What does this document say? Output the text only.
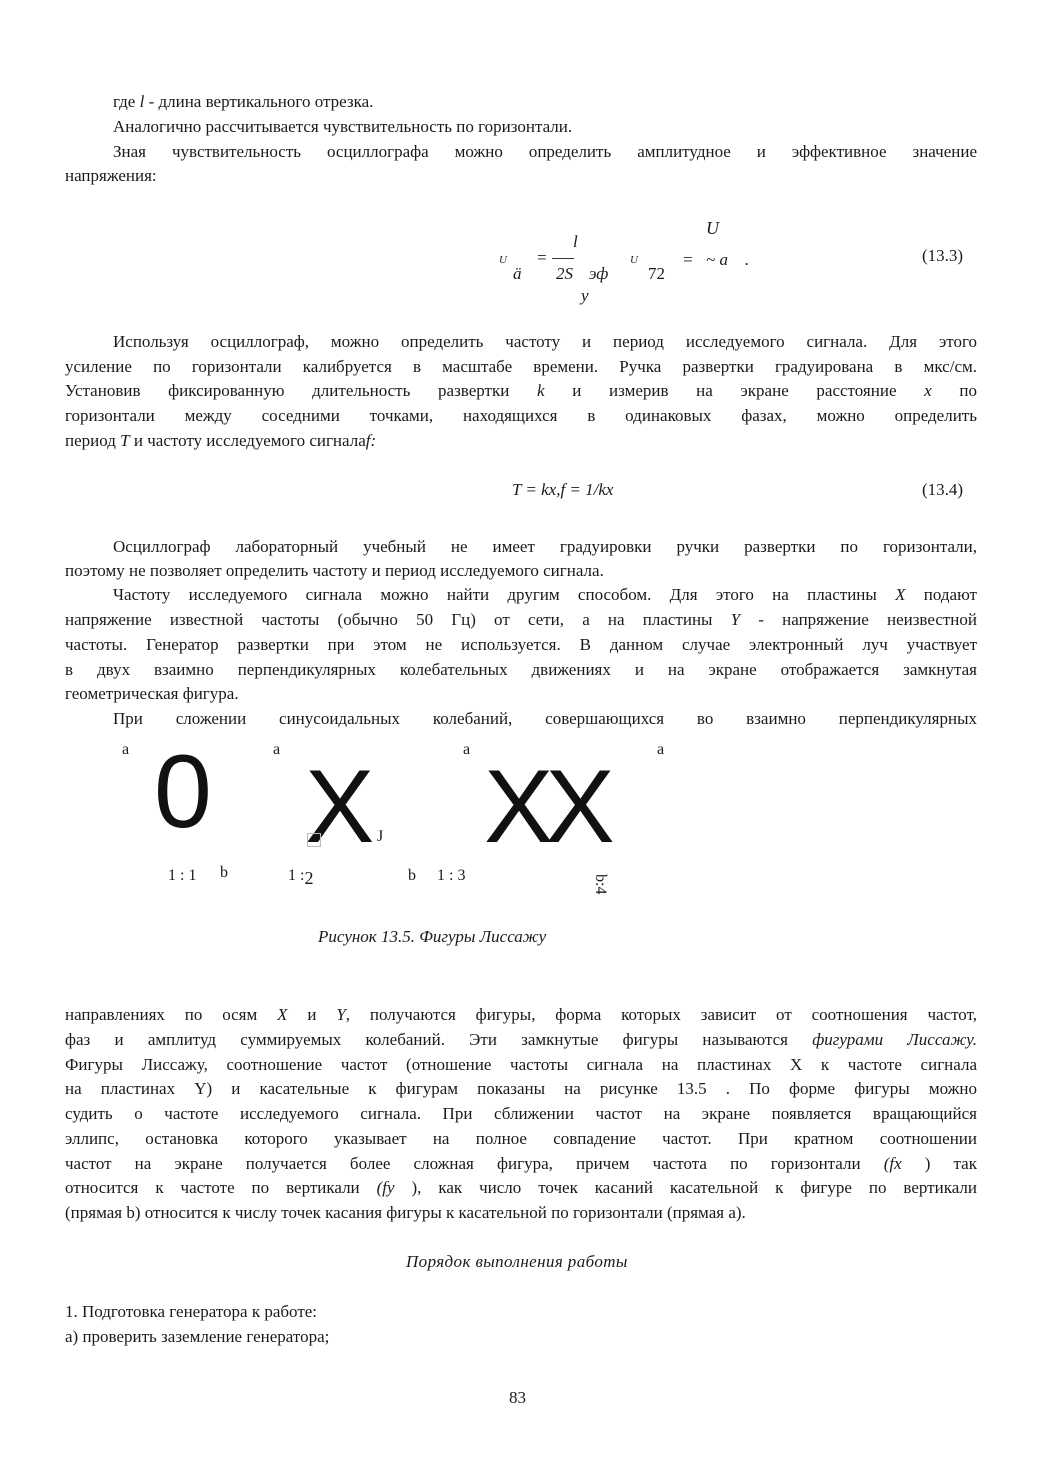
где l - длина вертикального отрезка.
Аналогично рассчитывается чувствительность по горизонтали.
Зная чувствительность осциллографа можно определить амплитудное и эффективное значение
напряжения:
U
l
U =	U	= ~ a .
ä 2S эф 72
у
(13.3)
Используя осциллограф, можно определить частоту и период исследуемого сигнала. Для этого
усиление по горизонтали калибруется в масштабе времени. Ручка развертки градуирована в мкс/см.
Установив фиксированную длительность развертки k и измерив на экране расстояние x по
горизонтали между соседними точками, находящихся в одинаковых фазах, можно определить
период T и частоту исследуемого сигналаf:
T = kx,f = 1/kx	(13.4)
Осциллограф лабораторный учебный не имеет градуировки ручки развертки по горизонтали,
поэтому не позволяет определить частоту и период исследуемого сигнала.
Частоту исследуемого сигнала можно найти другим способом. Для этого на пластины X подают
напряжение известной частоты (обычно 50 Гц) от сети, а на пластины Y - напряжение неизвестной
частоты. Генератор развертки при этом не используется. В данном случае электронный луч участвует
в двух взаимно перпендикулярных колебательных движениях и на экране отображается замкнутая
геометрическая фигура.
При сложении синусоидальных колебаний, совершающихся во взаимно перпендикулярных
a	a	a	a
0 X J XX
1 : 1 b	1 :2	b 1 : 3	b:4
Рисунок 13.5. Фигуры Лиссажу
направлениях по осям X и Y, получаются фигуры, форма которых зависит от соотношения частот,
фаз и амплитуд суммируемых колебаний. Эти замкнутые фигуры называются фигурами Лиссажу.
Фигуры Лиссажу, соотношение частот (отношение частоты сигнала на пластинах X к частоте сигнала
на пластинах Y) и касательные к фигурам показаны на рисунке 13.5 . По форме фигуры можно
судить о частоте исследуемого сигнала. При сближении частот на экране появляется вращающийся
эллипс, остановка которого указывает на полное совпадение частот. При кратном соотношении
частот на экране получается более сложная фигура, причем частота по горизонтали (fx ) так
относится к частоте по вертикали (fy ), как число точек касаний касательной к фигуре по вертикали
(прямая b) относится к числу точек касания фигуры к касательной по горизонтали (прямая a).
Порядок выполнения работы
1. Подготовка генератора к работе:
а) проверить заземление генератора;
83
